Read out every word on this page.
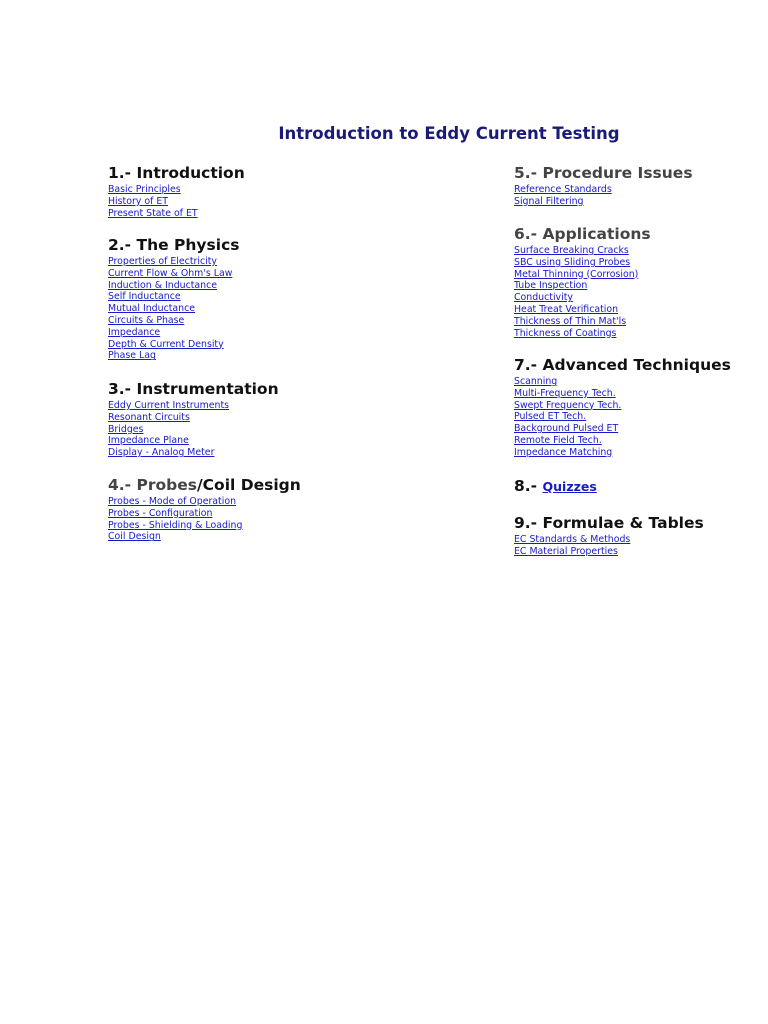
Introduction to Eddy Current Testing
1.- Introduction
Basic Principles
History of ET
Present State of ET
2.- The Physics
Properties of Electricity
Current Flow & Ohm's Law
Induction & Inductance
Self Inductance
Mutual Inductance
Circuits & Phase
Impedance
Depth & Current Density
Phase Lag
3.- Instrumentation
Eddy Current Instruments
Resonant Circuits
Bridges
Impedance Plane
Display - Analog Meter
4.- Probes/Coil Design
Probes - Mode of Operation
Probes - Configuration
Probes - Shielding & Loading
Coil Design
5.- Procedure Issues
Reference Standards
Signal Filtering
6.- Applications
Surface Breaking Cracks
SBC using Sliding Probes
Metal Thinning (Corrosion)
Tube Inspection
Conductivity
Heat Treat Verification
Thickness of Thin Mat'ls
Thickness of Coatings
7.- Advanced Techniques
Scanning
Multi-Frequency Tech.
Swept Frequency Tech.
Pulsed ET Tech.
Background Pulsed ET
Remote Field Tech.
Impedance Matching
8.- Quizzes
9.- Formulae & Tables
EC Standards & Methods
EC Material Properties
